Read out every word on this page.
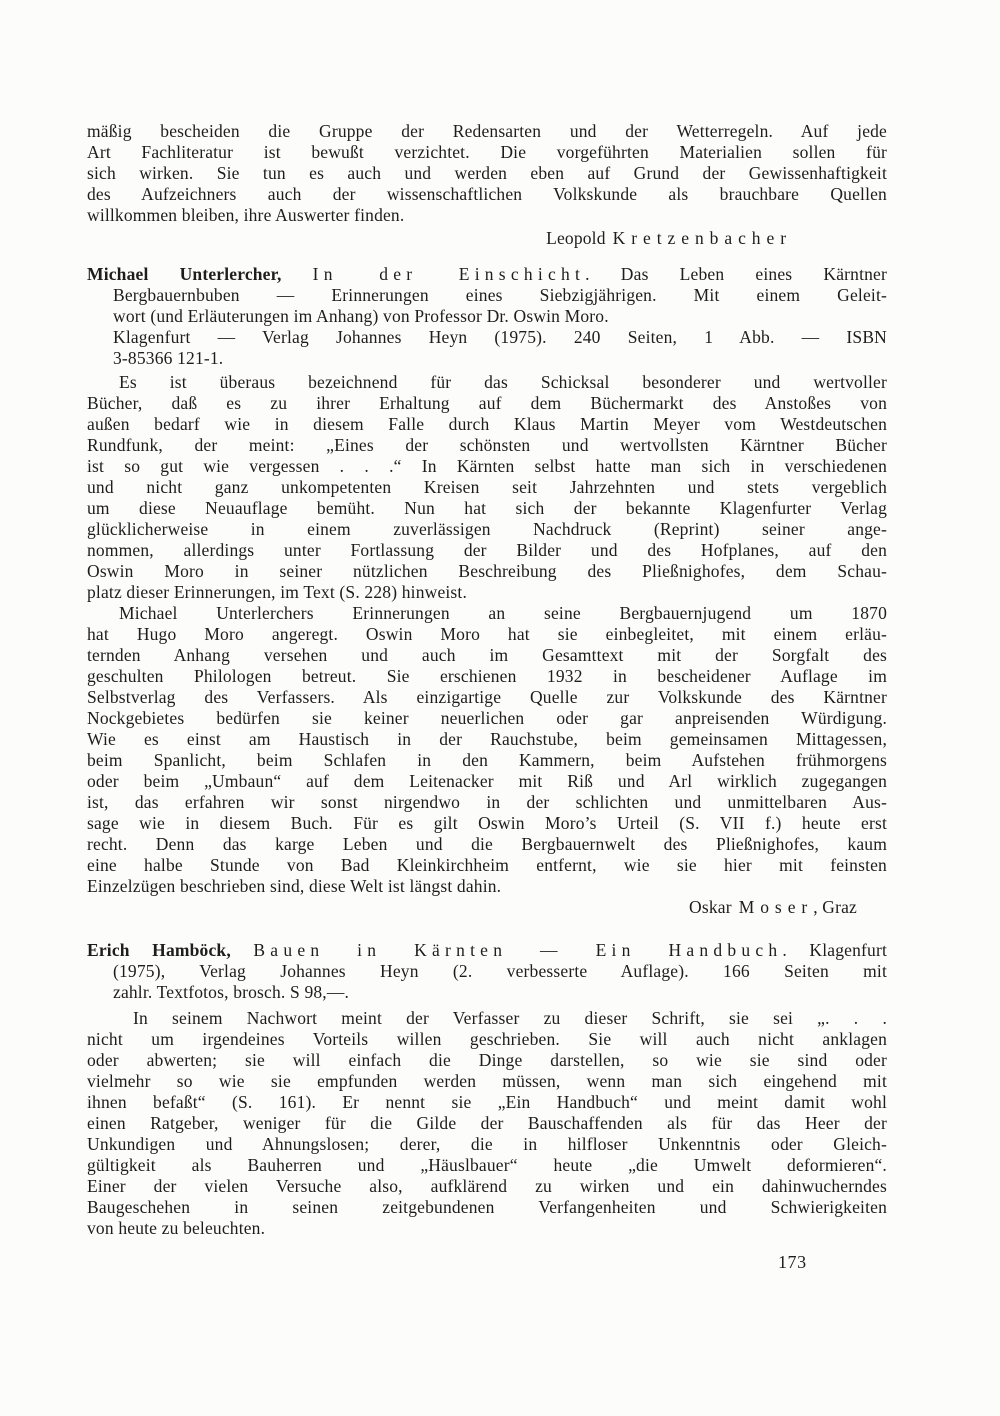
mäßig bescheiden die Gruppe der Redensarten und der Wetterregeln. Auf jede
Art Fachliteratur ist bewußt verzichtet. Die vorgeführten Materialien sollen für
sich wirken. Sie tun es auch und werden eben auf Grund der Gewissenhaftigkeit
des Aufzeichners auch der wissenschaftlichen Volkskunde als brauchbare Quellen
willkommen bleiben, ihre Auswerter finden.
Leopold Kretzenbacher
Michael Unterlercher, In der Einschicht. Das Leben eines Kärntner
Bergbauernbuben — Erinnerungen eines Siebzigjährigen. Mit einem Geleit-
wort (und Erläuterungen im Anhang) von Professor Dr. Oswin Moro.
Klagenfurt — Verlag Johannes Heyn (1975). 240 Seiten, 1 Abb. — ISBN
3-85366 121-1.
Es ist überaus bezeichnend für das Schicksal besonderer und wertvoller
Bücher, daß es zu ihrer Erhaltung auf dem Büchermarkt des Anstoßes von
außen bedarf wie in diesem Falle durch Klaus Martin Meyer vom Westdeutschen
Rundfunk, der meint: „Eines der schönsten und wertvollsten Kärntner Bücher
ist so gut wie vergessen . . .“ In Kärnten selbst hatte man sich in verschiedenen
und nicht ganz unkompetenten Kreisen seit Jahrzehnten und stets vergeblich
um diese Neuauflage bemüht. Nun hat sich der bekannte Klagenfurter Verlag
glücklicherweise in einem zuverlässigen Nachdruck (Reprint) seiner ange-
nommen, allerdings unter Fortlassung der Bilder und des Hofplanes, auf den
Oswin Moro in seiner nützlichen Beschreibung des Pließnighofes, dem Schau-
platz dieser Erinnerungen, im Text (S. 228) hinweist.
Michael Unterlerchers Erinnerungen an seine Bergbauernjugend um 1870
hat Hugo Moro angeregt. Oswin Moro hat sie einbegleitet, mit einem erläu-
ternden Anhang versehen und auch im Gesamttext mit der Sorgfalt des
geschulten Philologen betreut. Sie erschienen 1932 in bescheidener Auflage im
Selbstverlag des Verfassers. Als einzigartige Quelle zur Volkskunde des Kärntner
Nockgebietes bedürfen sie keiner neuerlichen oder gar anpreisenden Würdigung.
Wie es einst am Haustisch in der Rauchstube, beim gemeinsamen Mittagessen,
beim Spanlicht, beim Schlafen in den Kammern, beim Aufstehen frühmorgens
oder beim „Umbaun“ auf dem Leitenacker mit Riß und Arl wirklich zugegangen
ist, das erfahren wir sonst nirgendwo in der schlichten und unmittelbaren Aus-
sage wie in diesem Buch. Für es gilt Oswin Moro’s Urteil (S. VII f.) heute erst
recht. Denn das karge Leben und die Bergbauernwelt des Pließnighofes, kaum
eine halbe Stunde von Bad Kleinkirchheim entfernt, wie sie hier mit feinsten
Einzelzügen beschrieben sind, diese Welt ist längst dahin.
Oskar Moser, Graz
Erich Hamböck, Bauen in Kärnten — Ein Handbuch. Klagenfurt
(1975), Verlag Johannes Heyn (2. verbesserte Auflage). 166 Seiten mit
zahlr. Textfotos, brosch. S 98,—.
In seinem Nachwort meint der Verfasser zu dieser Schrift, sie sei „. . .
nicht um irgendeines Vorteils willen geschrieben. Sie will auch nicht anklagen
oder abwerten; sie will einfach die Dinge darstellen, so wie sie sind oder
vielmehr so wie sie empfunden werden müssen, wenn man sich eingehend mit
ihnen befaßt“ (S. 161). Er nennt sie „Ein Handbuch“ und meint damit wohl
einen Ratgeber, weniger für die Gilde der Bauschaffenden als für das Heer der
Unkundigen und Ahnungslosen; derer, die in hilfloser Unkenntnis oder Gleich-
gültigkeit als Bauherren und „Häuslbauer“ heute „die Umwelt deformieren“.
Einer der vielen Versuche also, aufklärend zu wirken und ein dahinwucherndes
Baugeschehen in seinen zeitgebundenen Verfangenheiten und Schwierigkeiten
von heute zu beleuchten.
173
